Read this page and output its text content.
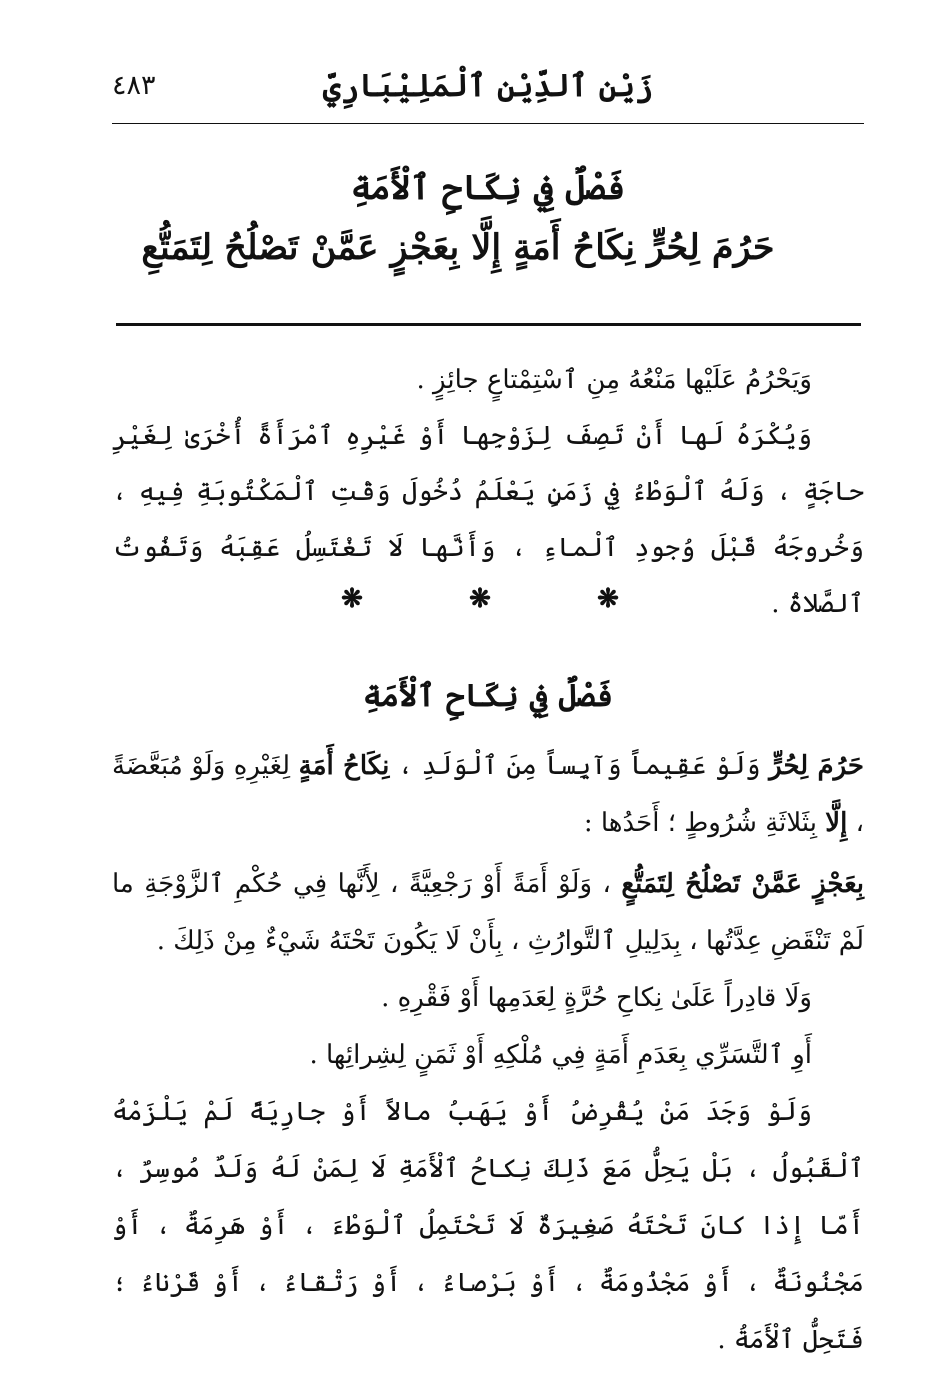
٤٨٣	زَيْن ٱلدِّيْن ٱلْمَلِيْبَارِيّ
فَصْلٌ فِي نِكَاحِ ٱلْأَمَةِ
حَرُمَ لِحُرٍّ نِكَاحُ أَمَةٍ إِلَّا بِعَجْزٍ عَمَّنْ تَصْلُحُ لِتَمَتُّعِ

وَيَحْرُمُ عَلَيْها مَنْعُهُ مِنِ ٱسْتِمْتاعٍ جائِزٍ .

وَيُكْرَهُ لَها أَنْ تَصِفَ لِزَوْجِها أَوْ غَيْرِهِ ٱمْرَأَةً أُخْرَىٰ لِغَيْرِ حاجَةٍ ، وَلَهُ ٱلْوَطْءُ فِي زَمَنٍ يَعْلَمُ دُخُولَ وَقْتِ ٱلْمَكْتُوبَةِ فِيهِ ، وَخُروجَهُ قَبْلَ وُجودِ ٱلْماءِ ، وَأَنَّها لَا تَغْتَسِلُ عَقِبَهُ وَتَفُوتُ ٱلصَّلاةُ .

❋	❋	❋
فَصْلٌ فِي نِكَاحِ ٱلْأَمَةِ

حَرُمَ لِحُرٍّ وَلَوْ عَقِيماً وَآيِساً مِنَ ٱلْوَلَدِ ، نِكَاحُ أَمَةٍ لِغَيْرِهِ وَلَوْ مُبَعَّضَةً ، إِلَّا بِثَلاثَةِ شُرُوطٍ ؛ أَحَدُها :

بِعَجْزٍ عَمَّنْ تَصْلُحُ لِتَمَتُّعٍ ، وَلَوْ أَمَةً أَوْ رَجْعِيَّةً ، لِأَنَّها فِي حُكْمِ ٱلزَّوْجَةِ ما لَمْ تَنْقَضِ عِدَّتُها ، بِدَلِيلِ ٱلتَّوارُثِ ، بِأَنْ لَا يَكُونَ تَحْتَهُ شَيْءٌ مِنْ ذَلِكَ .

وَلَا قادِراً عَلَىٰ نِكاحِ حُرَّةٍ لِعَدَمِها أَوْ فَقْرِهِ .

أَوِ ٱلتَّسَرِّي بِعَدَمِ أَمَةٍ فِي مُلْكِهِ أَوْ ثَمَنٍ لِشِرائِها .

وَلَوْ وَجَدَ مَنْ يُقْرِضُ أَوْ يَهَبُ مالاً أَوْ جارِيَةً لَمْ يَلْزَمْهُ ٱلْقَبُولُ ، بَلْ يَحِلُّ مَعَ ذَلِكَ نِكاحُ ٱلْأَمَةِ لَا لِمَنْ لَهُ وَلَدٌ مُوسِرٌ ، أَمّا إِذا كانَ تَحْتَهُ صَغِيرَةٌ لَا تَحْتَمِلُ ٱلْوَطْءَ ، أَوْ هَرِمَةٌ ، أَوْ مَجْنُونَةٌ ، أَوْ مَجْذُومَةٌ ، أَوْ بَرْصاءُ ، أَوْ رَتْقاءُ ، أَوْ قَرْناءُ ؛ فَتَحِلُّ ٱلْأَمَةُ .
